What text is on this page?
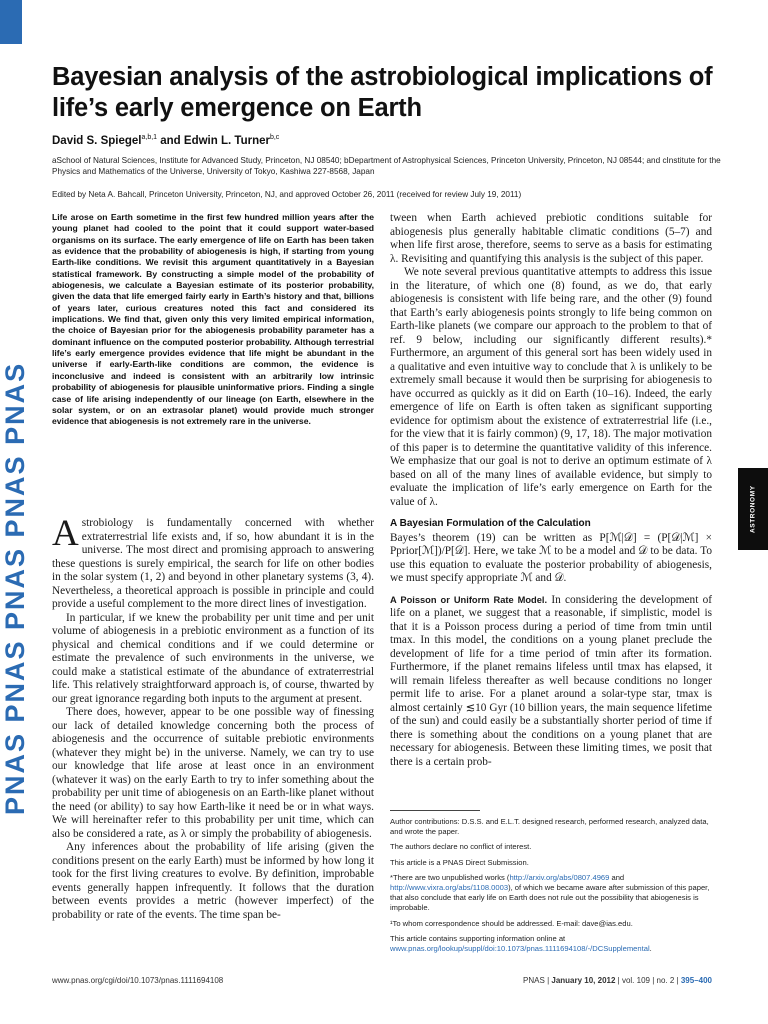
PNAS PNAS PNAS PNAS PNAS
Bayesian analysis of the astrobiological implications of life’s early emergence on Earth
David S. Spiegel$^{a,b,1}$ and Edwin L. Turner$^{b,c}$
aSchool of Natural Sciences, Institute for Advanced Study, Princeton, NJ 08540; bDepartment of Astrophysical Sciences, Princeton University, Princeton, NJ 08544; and cInstitute for the Physics and Mathematics of the Universe, University of Tokyo, Kashiwa 227-8568, Japan
Edited by Neta A. Bahcall, Princeton University, Princeton, NJ, and approved October 26, 2011 (received for review July 19, 2011)
Life arose on Earth sometime in the first few hundred million years after the young planet had cooled to the point that it could support water-based organisms on its surface. The early emergence of life on Earth has been taken as evidence that the probability of abiogenesis is high, if starting from young Earth-like conditions. We revisit this argument quantitatively in a Bayesian statistical framework. By constructing a simple model of the probability of abiogenesis, we calculate a Bayesian estimate of its posterior probability, given the data that life emerged fairly early in Earth’s history and that, billions of years later, curious creatures noted this fact and considered its implications. We find that, given only this very limited empirical information, the choice of Bayesian prior for the abiogenesis probability parameter has a dominant influence on the computed posterior probability. Although terrestrial life’s early emergence provides evidence that life might be abundant in the universe if early-Earth-like conditions are common, the evidence is inconclusive and indeed is consistent with an arbitrarily low intrinsic probability of abiogenesis for plausible uninformative priors. Finding a single case of life arising independently of our lineage (on Earth, elsewhere in the solar system, or on an extrasolar planet) would provide much stronger evidence that abiogenesis is not extremely rare in the universe.

Astrobiology is fundamentally concerned with whether extraterrestrial life exists and, if so, how abundant it is in the universe. The most direct and promising approach to answering these questions is surely empirical, the search for life on other bodies in the solar system (1, 2) and beyond in other planetary systems (3, 4). Nevertheless, a theoretical approach is possible in principle and could provide a useful complement to the more direct lines of investigation.

In particular, if we knew the probability per unit time and per unit volume of abiogenesis in a prebiotic environment as a function of its physical and chemical conditions and if we could determine or estimate the prevalence of such environments in the universe, we could make a statistical estimate of the abundance of extraterrestrial life. This relatively straightforward approach is, of course, thwarted by our great ignorance regarding both inputs to the argument at present.

There does, however, appear to be one possible way of finessing our lack of detailed knowledge concerning both the process of abiogenesis and the occurrence of suitable prebiotic environments (whatever they might be) in the universe. Namely, we can try to use our knowledge that life arose at least once in an environment (whatever it was) on the early Earth to try to infer something about the probability per unit time of abiogenesis on an Earth-like planet without the need (or ability) to say how Earth-like it need be or in what ways. We will hereinafter refer to this probability per unit time, which can also be considered a rate, as λ or simply the probability of abiogenesis.

Any inferences about the probability of life arising (given the conditions present on the early Earth) must be informed by how long it took for the first living creatures to evolve. By definition, improbable events generally happen infrequently. It follows that the duration between events provides a metric (however imperfect) of the probability or rate of the events. The time span be-

tween when Earth achieved prebiotic conditions suitable for abiogenesis plus generally habitable climatic conditions (5–7) and when life first arose, therefore, seems to serve as a basis for estimating λ. Revisiting and quantifying this analysis is the subject of this paper.

We note several previous quantitative attempts to address this issue in the literature, of which one (8) found, as we do, that early abiogenesis is consistent with life being rare, and the other (9) found that Earth’s early abiogenesis points strongly to life being common on Earth-like planets (we compare our approach to the problem to that of ref. 9 below, including our significantly different results).* Furthermore, an argument of this general sort has been widely used in a qualitative and even intuitive way to conclude that λ is unlikely to be extremely small because it would then be surprising for abiogenesis to have occurred as quickly as it did on Earth (10–16). Indeed, the early emergence of life on Earth is often taken as significant supporting evidence for optimism about the existence of extraterrestrial life (i.e., for the view that it is fairly common) (9, 17, 18). The major motivation of this paper is to determine the quantitative validity of this inference. We emphasize that our goal is not to derive an optimum estimate of λ based on all of the many lines of available evidence, but simply to evaluate the implication of life’s early emergence on Earth for the value of λ.

A Bayesian Formulation of the Calculation

Bayes’s theorem (19) can be written as P[ℳ|𝒟] = (P[𝒟|ℳ] × Pprior[ℳ])/P[𝒟]. Here, we take ℳ to be a model and 𝒟 to be data. To use this equation to evaluate the posterior probability of abiogenesis, we must specify appropriate ℳ and 𝒟.

A Poisson or Uniform Rate Model. In considering the development of life on a planet, we suggest that a reasonable, if simplistic, model is that it is a Poisson process during a period of time from tmin until tmax. In this model, the conditions on a young planet preclude the development of life for a time period of tmin after its formation. Furthermore, if the planet remains lifeless until tmax has elapsed, it will remain lifeless thereafter as well because conditions no longer permit life to arise. For a planet around a solar-type star, tmax is almost certainly ≲10 Gyr (10 billion years, the main sequence lifetime of the sun) and could easily be a substantially shorter period of time if there is something about the conditions on a young planet that are necessary for abiogenesis. Between these limiting times, we posit that there is a certain prob-

ASTRONOMY

Author contributions: D.S.S. and E.L.T. designed research, performed research, analyzed data, and wrote the paper.

The authors declare no conflict of interest.

This article is a PNAS Direct Submission.

*There are two unpublished works (http://arxiv.org/abs/0807.4969 and http://www.vixra.org/abs/1108.0003), of which we became aware after submission of this paper, that also conclude that early life on Earth does not rule out the possibility that abiogenesis is improbable.

¹To whom correspondence should be addressed. E-mail: dave@ias.edu.

This article contains supporting information online at www.pnas.org/lookup/suppl/doi:10.1073/pnas.1111694108/-/DCSupplemental.

www.pnas.org/cgi/doi/10.1073/pnas.1111694108	PNAS | January 10, 2012 | vol. 109 | no. 2 | 395–400
